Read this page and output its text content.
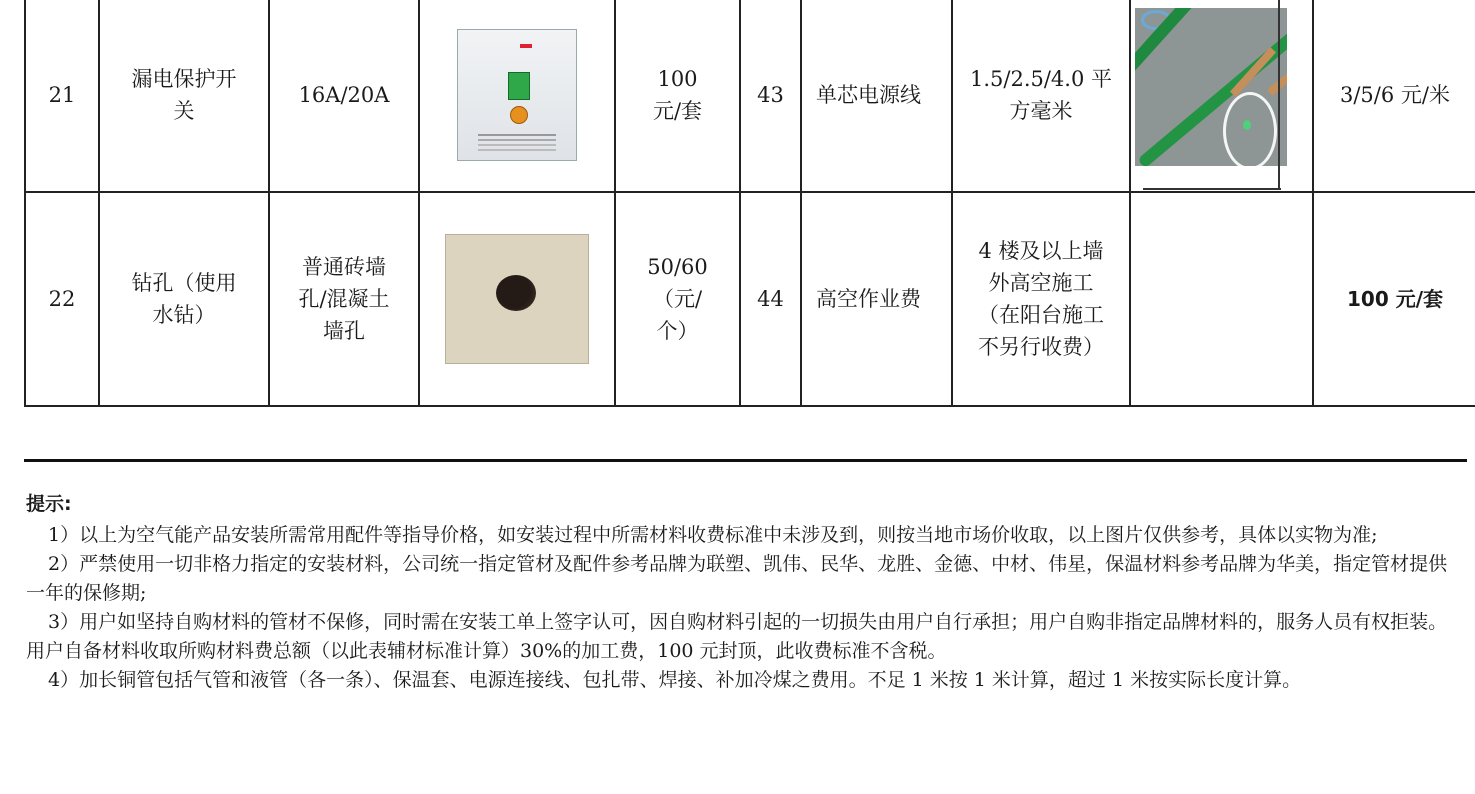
21	漏电保护开关	16A/20A		100 元/套	43	单芯电源线	1.5/2.5/4.0 平方毫米		3/5/6 元/米
22	钻孔（使用水钻）	普通砖墙孔/混凝土墙孔		50/60（元/个）	44	高空作业费	4 楼及以上墙外高空施工（在阳台施工不另行收费）		100 元/套
提示:

1）以上为空气能产品安装所需常用配件等指导价格，如安装过程中所需材料收费标准中未涉及到，则按当地市场价收取，以上图片仅供参考，具体以实物为准;

2）严禁使用一切非格力指定的安装材料，公司统一指定管材及配件参考品牌为联塑、凯伟、民华、龙胜、金德、中材、伟星，保温材料参考品牌为华美，指定管材提供一年的保修期;

3）用户如坚持自购材料的管材不保修，同时需在安装工单上签字认可，因自购材料引起的一切损失由用户自行承担；用户自购非指定品牌材料的，服务人员有权拒装。用户自备材料收取所购材料费总额（以此表辅材标准计算）30%的加工费，100 元封顶，此收费标准不含税。

4）加长铜管包括气管和液管（各一条）、保温套、电源连接线、包扎带、焊接、补加冷煤之费用。不足 1 米按 1 米计算，超过 1 米按实际长度计算。
